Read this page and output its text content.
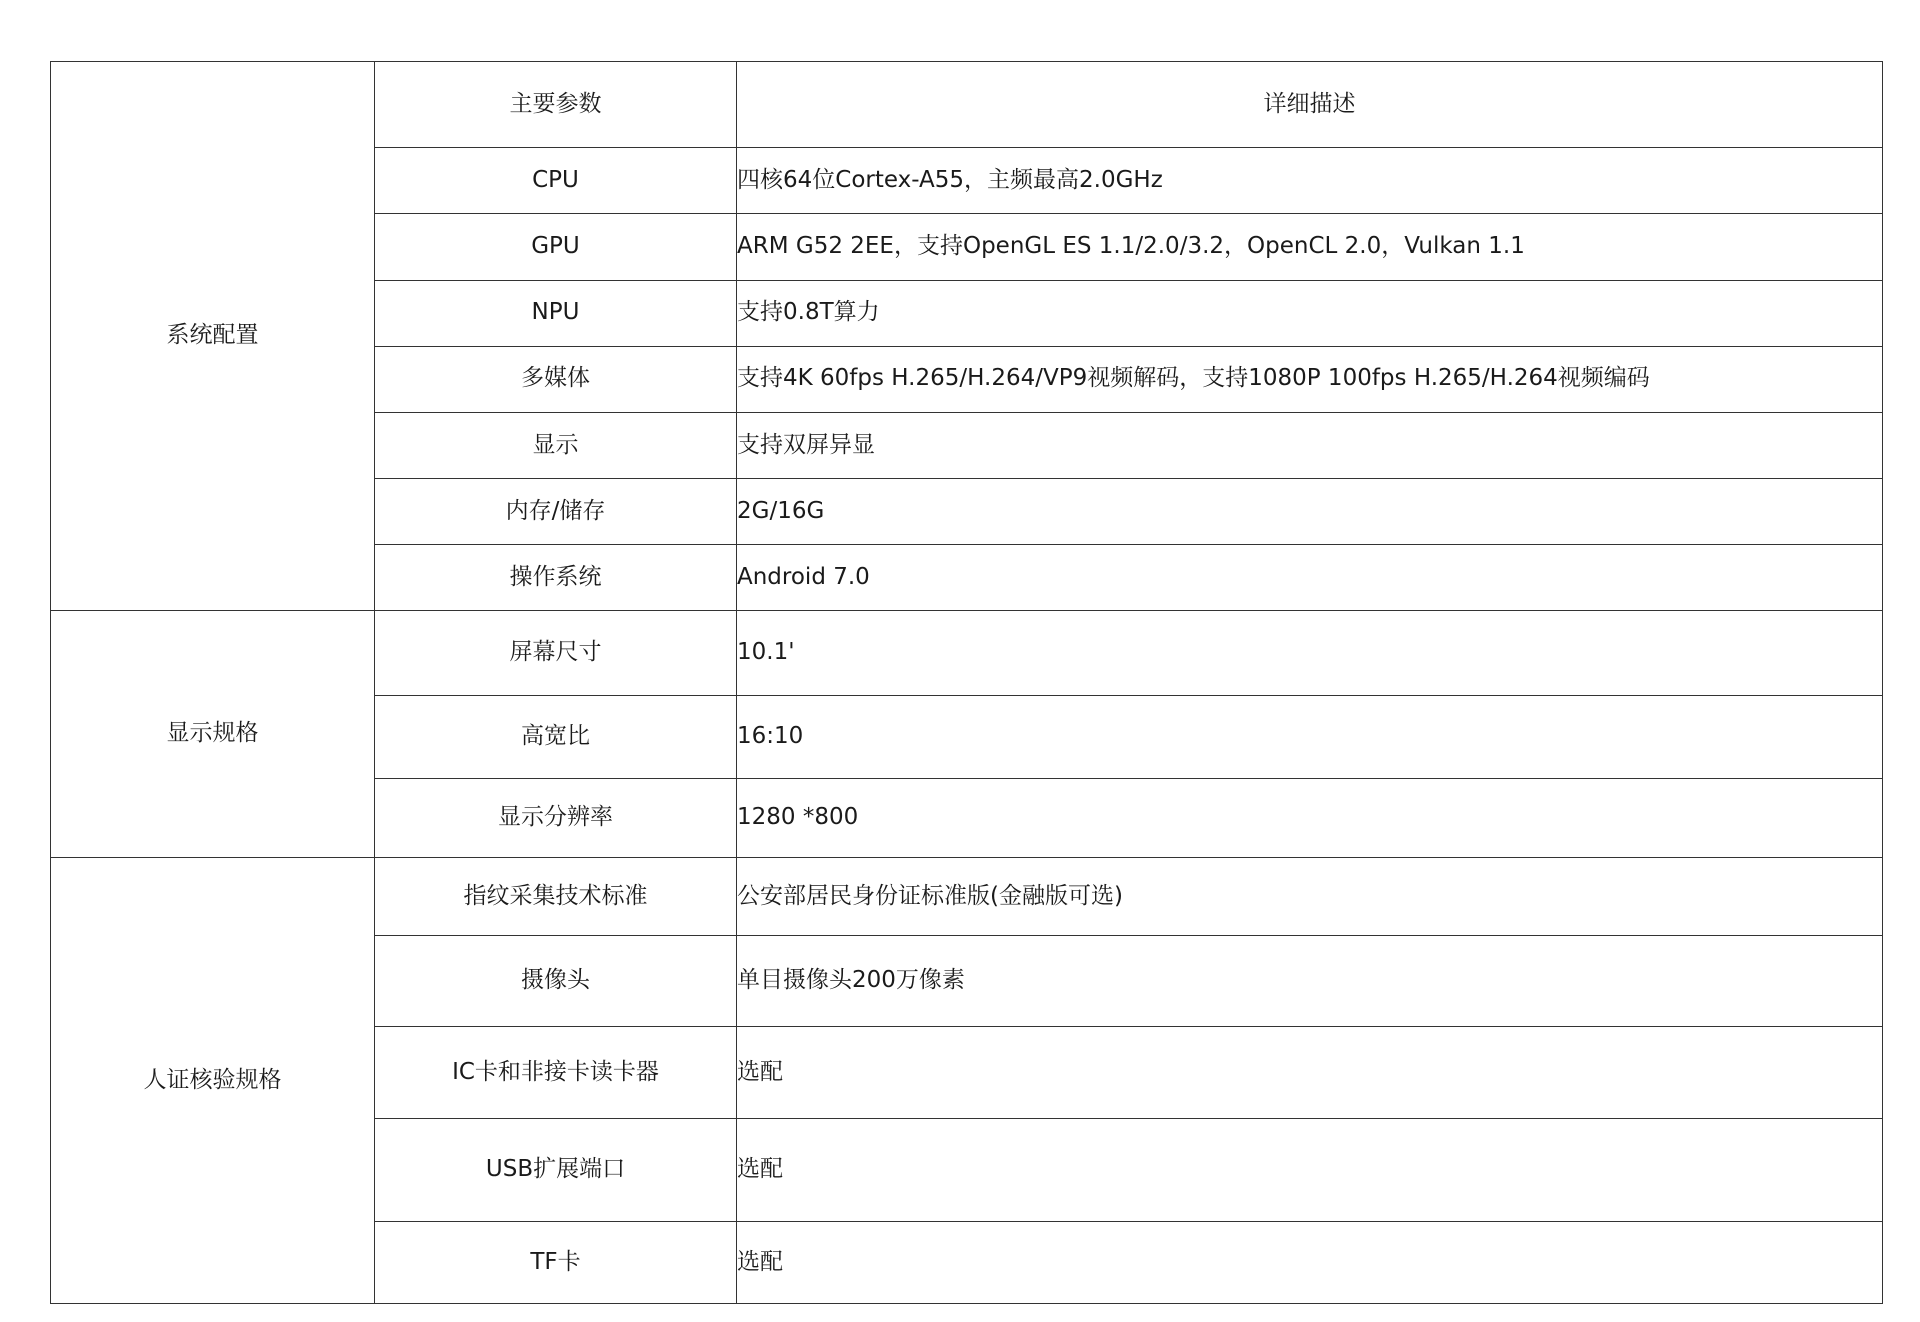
系统配置	主要参数	详细描述
	CPU	四核64位Cortex-A55，主频最高2.0GHz
	GPU	ARM G52 2EE，支持OpenGL ES 1.1/2.0/3.2，OpenCL 2.0，Vulkan 1.1
	NPU	支持0.8T算力
	多媒体	支持4K 60fps H.265/H.264/VP9视频解码，支持1080P 100fps H.265/H.264视频编码
	显示	支持双屏异显
	内存/储存	2G/16G
	操作系统	Android 7.0
显示规格	屏幕尺寸	10.1'
	高宽比	16:10
	显示分辨率	1280 *800
人证核验规格	指纹采集技术标准	公安部居民身份证标准版(金融版可选)
	摄像头	单目摄像头200万像素
	IC卡和非接卡读卡器	选配
	USB扩展端口	选配
	TF卡	选配
